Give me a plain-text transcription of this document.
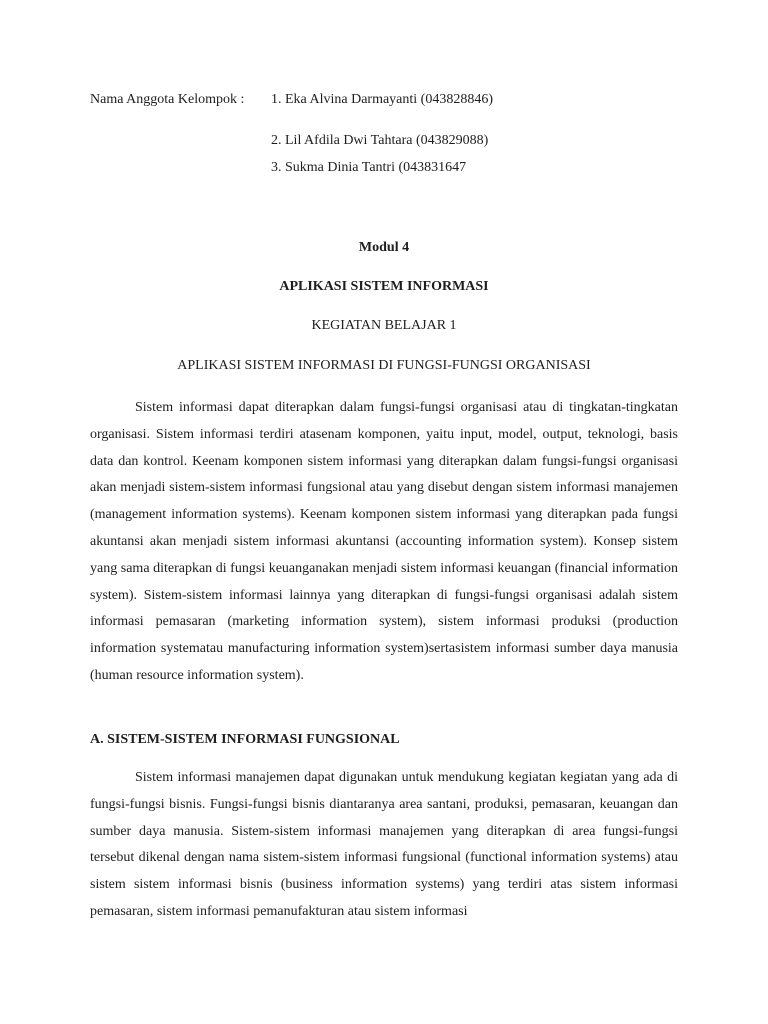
Nama Anggota Kelompok : 1. Eka Alvina Darmayanti (043828846)
2. Lil Afdila Dwi Tahtara (043829088)
3. Sukma Dinia Tantri (043831647
Modul 4
APLIKASI SISTEM INFORMASI
KEGIATAN BELAJAR 1
APLIKASI SISTEM INFORMASI DI FUNGSI-FUNGSI ORGANISASI

Sistem informasi dapat diterapkan dalam fungsi-fungsi organisasi atau di tingkatan-tingkatan organisasi. Sistem informasi terdiri atasenam komponen, yaitu input, model, output, teknologi, basis data dan kontrol. Keenam komponen sistem informasi yang diterapkan dalam fungsi-fungsi organisasi akan menjadi sistem-sistem informasi fungsional atau yang disebut dengan sistem informasi manajemen (management information systems). Keenam komponen sistem informasi yang diterapkan pada fungsi akuntansi akan menjadi sistem informasi akuntansi (accounting information system). Konsep sistem yang sama diterapkan di fungsi keuanganakan menjadi sistem informasi keuangan (financial information system). Sistem-sistem informasi lainnya yang diterapkan di fungsi-fungsi organisasi adalah sistem informasi pemasaran (marketing information system), sistem informasi produksi (production information systematau manufacturing information system)sertasistem informasi sumber daya manusia (human resource information system).

A. SISTEM-SISTEM INFORMASI FUNGSIONAL

Sistem informasi manajemen dapat digunakan untuk mendukung kegiatan kegiatan yang ada di fungsi-fungsi bisnis. Fungsi-fungsi bisnis diantaranya area santani, produksi, pemasaran, keuangan dan sumber daya manusia. Sistem-sistem informasi manajemen yang diterapkan di area fungsi-fungsi tersebut dikenal dengan nama sistem-sistem informasi fungsional (functional information systems) atau sistem sistem informasi bisnis (business information systems) yang terdiri atas sistem informasi pemasaran, sistem informasi pemanufakturan atau sistem informasi
